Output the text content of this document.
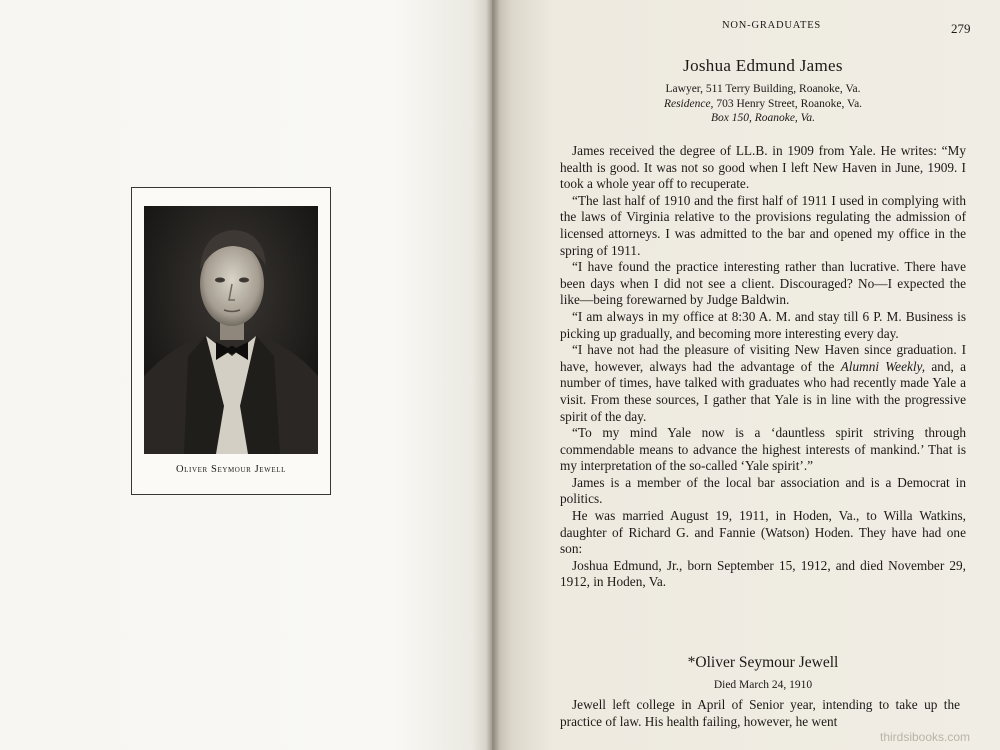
Oliver Seymour Jewell
NON-GRADUATES	279
Joshua Edmund James
Lawyer, 511 Terry Building, Roanoke, Va.
Residence, 703 Henry Street, Roanoke, Va.
Box 150, Roanoke, Va.

James received the degree of LL.B. in 1909 from Yale. He writes: “My health is good. It was not so good when I left New Haven in June, 1909. I took a whole year off to recuperate.

“The last half of 1910 and the first half of 1911 I used in complying with the laws of Virginia relative to the provisions regulating the admission of licensed attorneys. I was admitted to the bar and opened my office in the spring of 1911.

“I have found the practice interesting rather than lucrative. There have been days when I did not see a client. Discouraged? No—I expected the like—being forewarned by Judge Baldwin.

“I am always in my office at 8:30 A. M. and stay till 6 P. M. Business is picking up gradually, and becoming more interesting every day.

“I have not had the pleasure of visiting New Haven since graduation. I have, however, always had the advantage of the Alumni Weekly, and, a number of times, have talked with graduates who had recently made Yale a visit. From these sources, I gather that Yale is in line with the progressive spirit of the day.

“To my mind Yale now is a ‘dauntless spirit striving through commendable means to advance the highest interests of mankind.’ That is my interpretation of the so-called ‘Yale spirit’.”

James is a member of the local bar association and is a Democrat in politics.

He was married August 19, 1911, in Hoden, Va., to Willa Watkins, daughter of Richard G. and Fannie (Watson) Hoden. They have had one son:

Joshua Edmund, Jr., born September 15, 1912, and died November 29, 1912, in Hoden, Va.

*Oliver Seymour Jewell
Died March 24, 1910

Jewell left college in April of Senior year, intending to take up the practice of law. His health failing, however, he went

thirdsibooks.com
